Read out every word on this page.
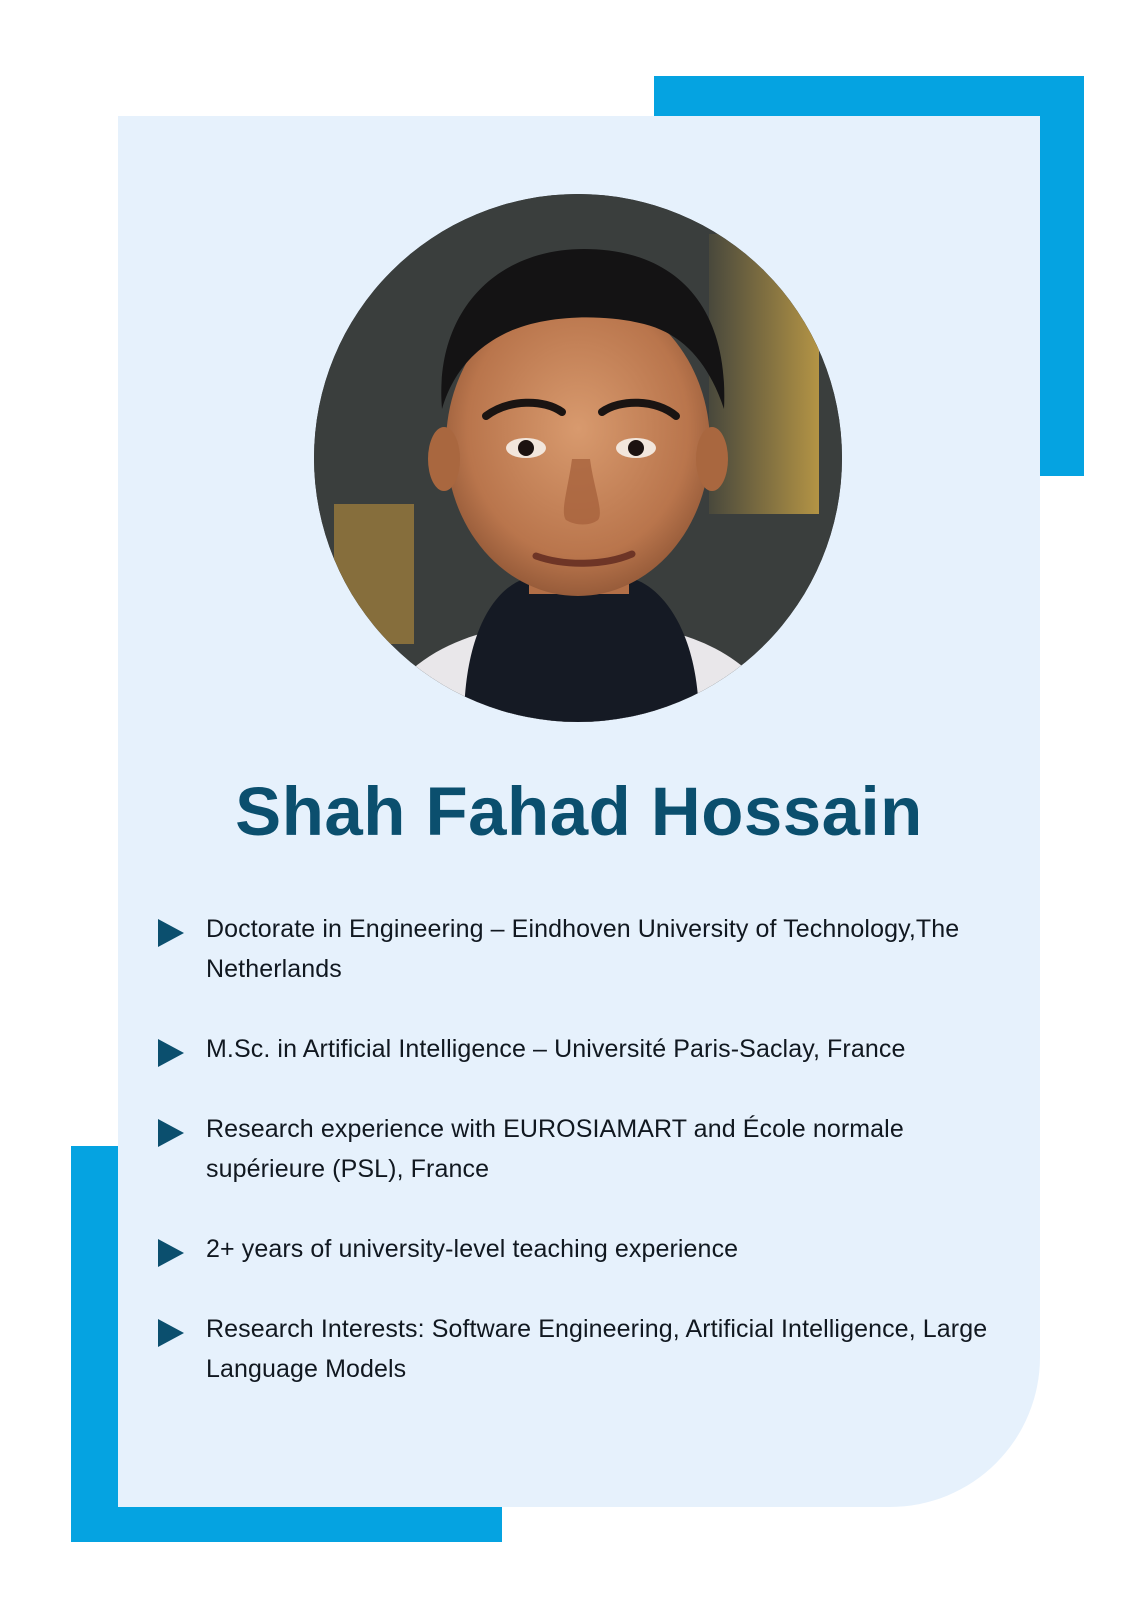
Shah Fahad Hossain
Doctorate in Engineering – Eindhoven University of Technology,The Netherlands
M.Sc. in Artificial Intelligence – Université Paris-Saclay, France
Research experience with EUROSIAMART and École normale supérieure (PSL), France
2+ years of university-level teaching experience
Research Interests: Software Engineering, Artificial Intelligence, Large Language Models
